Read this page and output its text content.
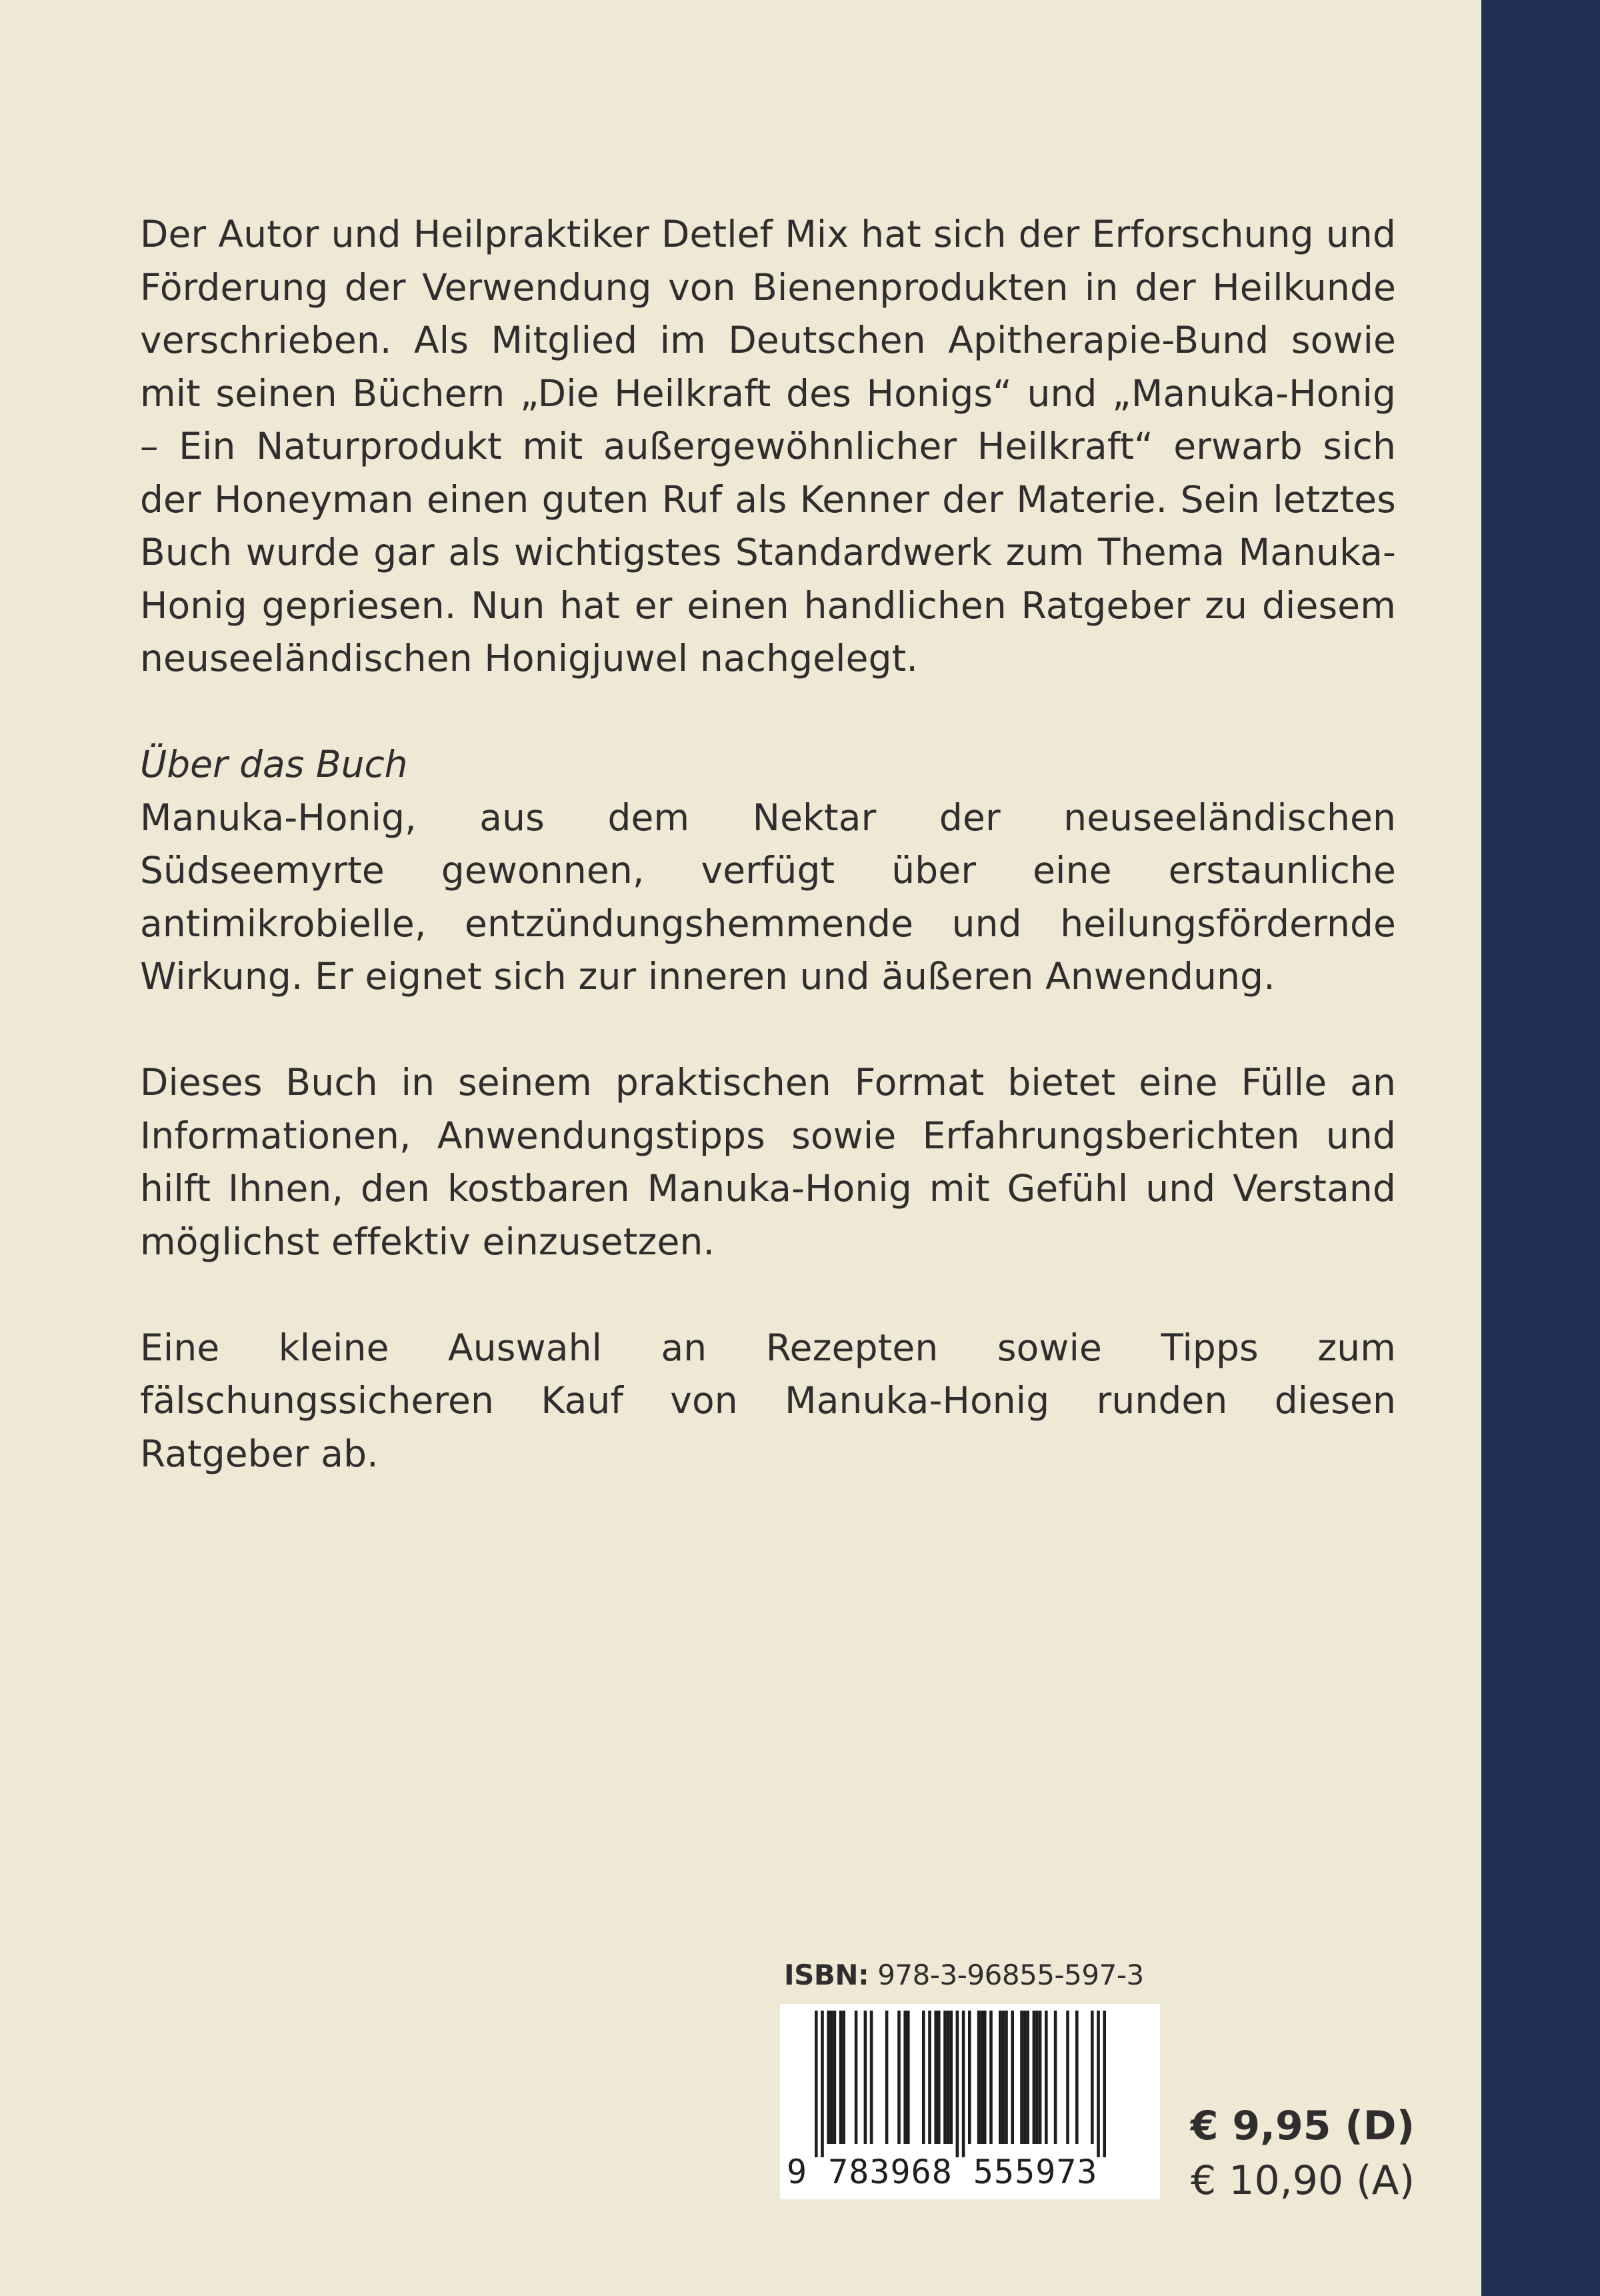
Der Autor und Heilpraktiker Detlef Mix hat sich der Erforschung und Förderung der Verwendung von Bienenprodukten in der Heilkunde verschrieben. Als Mitglied im Deutschen Apitherapie-Bund sowie mit seinen Büchern „Die Heilkraft des Honigs“ und „Manuka-Honig – Ein Naturprodukt mit außergewöhnlicher Heilkraft“ erwarb sich der Honeyman einen guten Ruf als Kenner der Materie. Sein letztes Buch wurde gar als wichtigstes Standardwerk zum Thema Manuka-Honig gepriesen. Nun hat er einen handlichen Ratgeber zu diesem neuseeländischen Honigjuwel nachgelegt.

Über das Buch

Manuka-Honig, aus dem Nektar der neuseeländischen Südseemyrte gewonnen, verfügt über eine erstaunliche antimikrobielle, entzündungshemmende und heilungsfördernde Wirkung. Er eignet sich zur inneren und äußeren Anwendung.

Dieses Buch in seinem praktischen Format bietet eine Fülle an Informationen, Anwendungstipps sowie Erfahrungsberichten und hilft Ihnen, den kostbaren Manuka-Honig mit Gefühl und Verstand möglichst effektiv einzusetzen.

Eine kleine Auswahl an Rezepten sowie Tipps zum fälschungssicheren Kauf von Manuka-Honig runden diesen Ratgeber ab.

ISBN: 978-3-96855-597-3
9 783968 555973
€ 9,95 (D)
€ 10,90 (A)
